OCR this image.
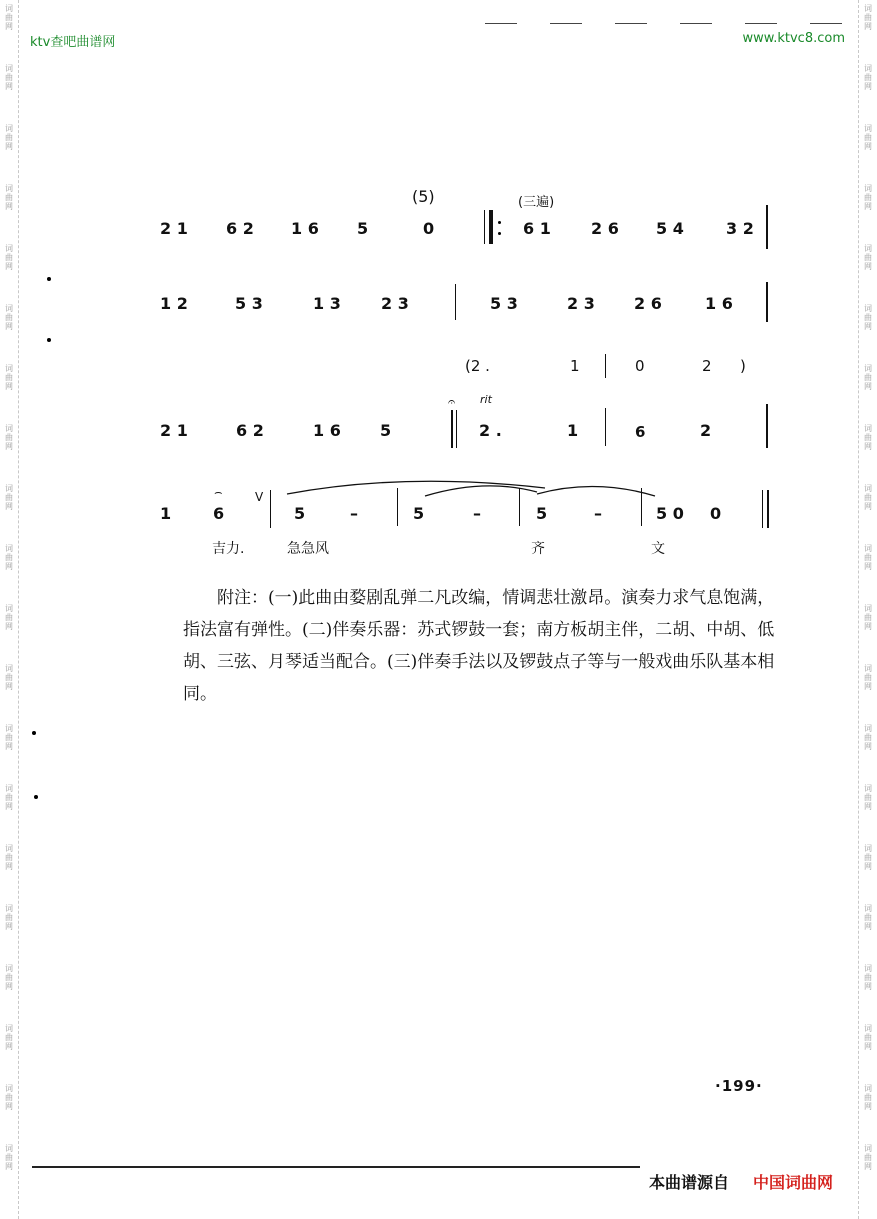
词曲网
词曲网
词曲网
词曲网
词曲网
词曲网
词曲网
词曲网
词曲网
词曲网
词曲网
词曲网
词曲网
词曲网
词曲网
词曲网
词曲网
词曲网
词曲网
词曲网
词曲网
词曲网
词曲网
词曲网
词曲网
词曲网
词曲网
词曲网
词曲网
词曲网
词曲网
词曲网
词曲网
词曲网
词曲网
词曲网
词曲网
词曲网
词曲网
词曲网
ktv查吧曲谱网	www.ktvc8.com
(5)	(三遍)
2 1 6 2 1 6 5	0	6 1	2 6 5 4	3 2
1 2	5 3	1 3	2 3	5 3	2 3 2 6	1 6
(2 .	1	0	2 )
rit
2 1	6 2	1 6 5
𝄐
2 .	1	6	2
1
⌢
6
V
5	–	5	–	5	–	5 0 0
吉力.	急急风	齐	文

附注：(一)此曲由婺剧乱弹二凡改编，情调悲壮激昂。演奏力求气息饱满，指法富有弹性。(二)伴奏乐器：苏式锣鼓一套；南方板胡主伴，二胡、中胡、低胡、三弦、月琴适当配合。(三)伴奏手法以及锣鼓点子等与一般戏曲乐队基本相同。

·199·
本曲谱源自 中国词曲网
